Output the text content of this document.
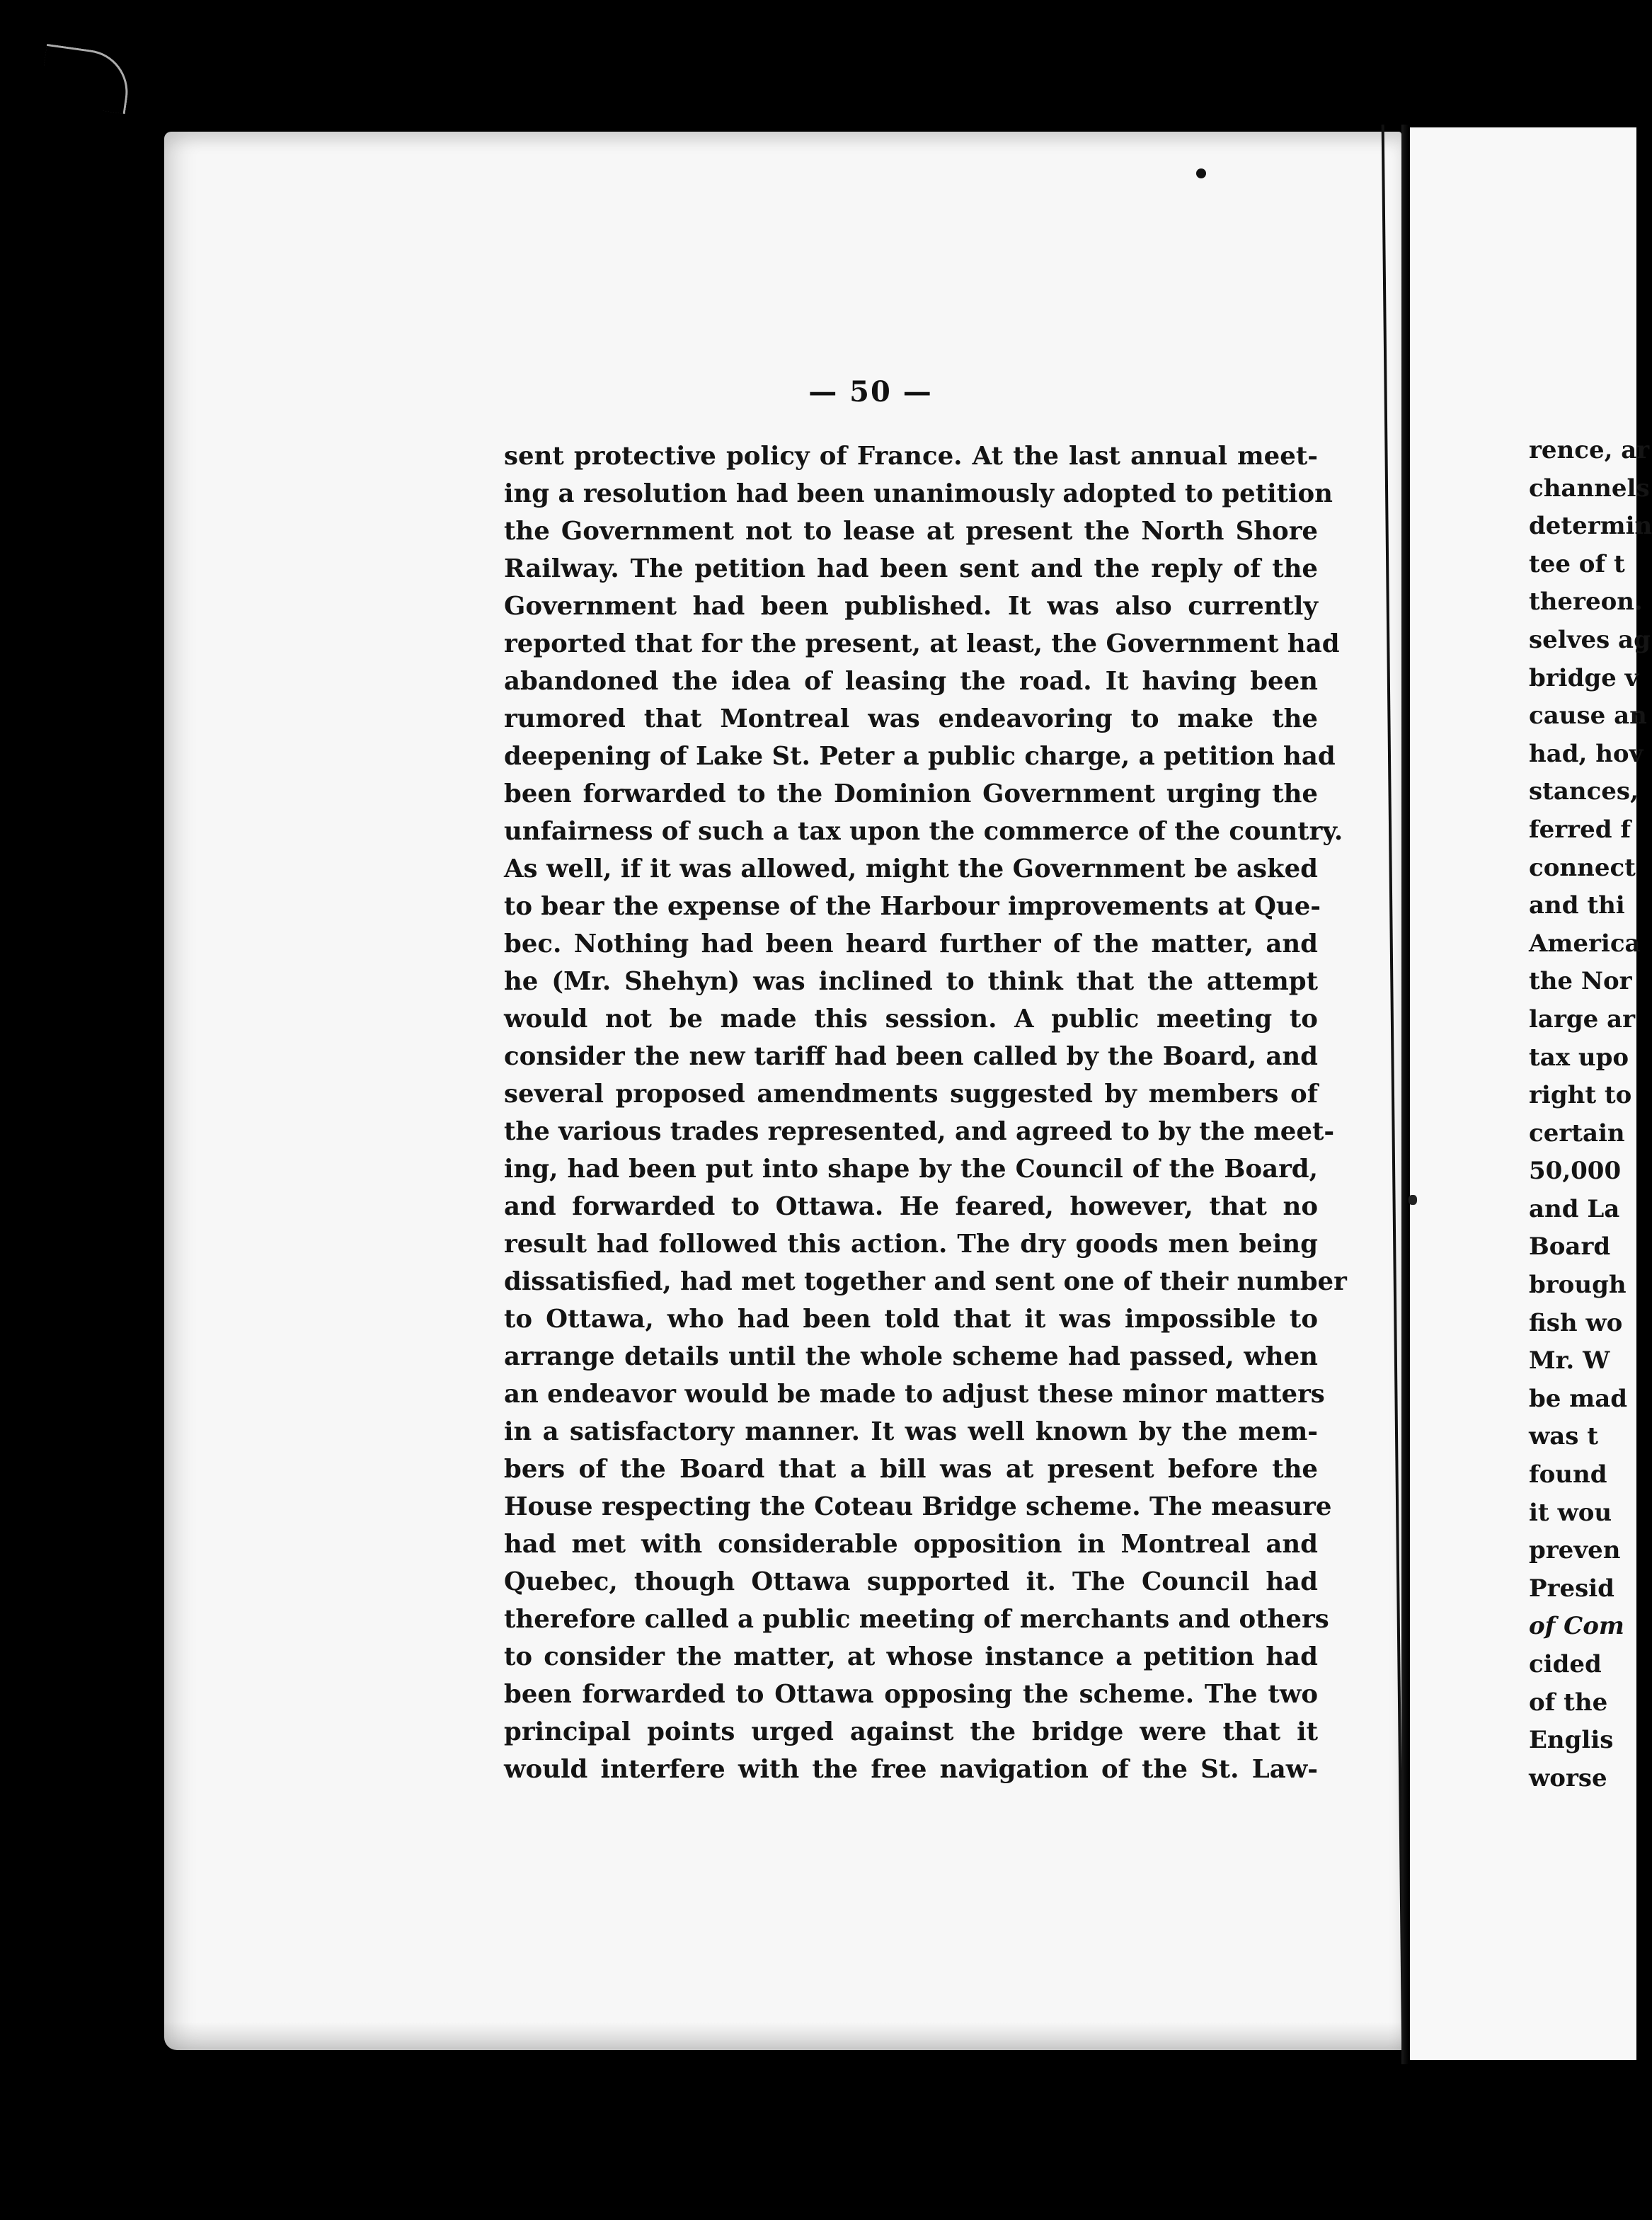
— 50 —
sent protective policy of France. At the last annual meet-
ing a resolution had been unanimously adopted to petition
the Government not to lease at present the North Shore
Railway. The petition had been sent and the reply of the
Government had been published. It was also currently
reported that for the present, at least, the Government had
abandoned the idea of leasing the road. It having been
rumored that Montreal was endeavoring to make the
deepening of Lake St. Peter a public charge, a petition had
been forwarded to the Dominion Government urging the
unfairness of such a tax upon the commerce of the country.
As well, if it was allowed, might the Government be asked
to bear the expense of the Harbour improvements at Que-
bec. Nothing had been heard further of the matter, and
he (Mr. Shehyn) was inclined to think that the attempt
would not be made this session. A public meeting to
consider the new tariff had been called by the Board, and
several proposed amendments suggested by members of
the various trades represented, and agreed to by the meet-
ing, had been put into shape by the Council of the Board,
and forwarded to Ottawa. He feared, however, that no
result had followed this action. The dry goods men being
dissatisfied, had met together and sent one of their number
to Ottawa, who had been told that it was impossible to
arrange details until the whole scheme had passed, when
an endeavor would be made to adjust these minor matters
in a satisfactory manner. It was well known by the mem-
bers of the Board that a bill was at present before the
House respecting the Coteau Bridge scheme. The measure
had met with considerable opposition in Montreal and
Quebec, though Ottawa supported it. The Council had
therefore called a public meeting of merchants and others
to consider the matter, at whose instance a petition had
been forwarded to Ottawa opposing the scheme. The two
principal points urged against the bridge were that it
would interfere with the free navigation of the St. Law-
rence, ar
channels
determin
tee of t
thereon.
selves ag
bridge v
cause an
had, hov
stances,
ferred f
connect
and thi
America
the Nor
large ar
tax upo
right to
certain
50,000
and La
Board
brough
fish wo
Mr. W
be mad
was t
found
it wou
preven
Presid
of Com
cided
of the
Englis
worse
